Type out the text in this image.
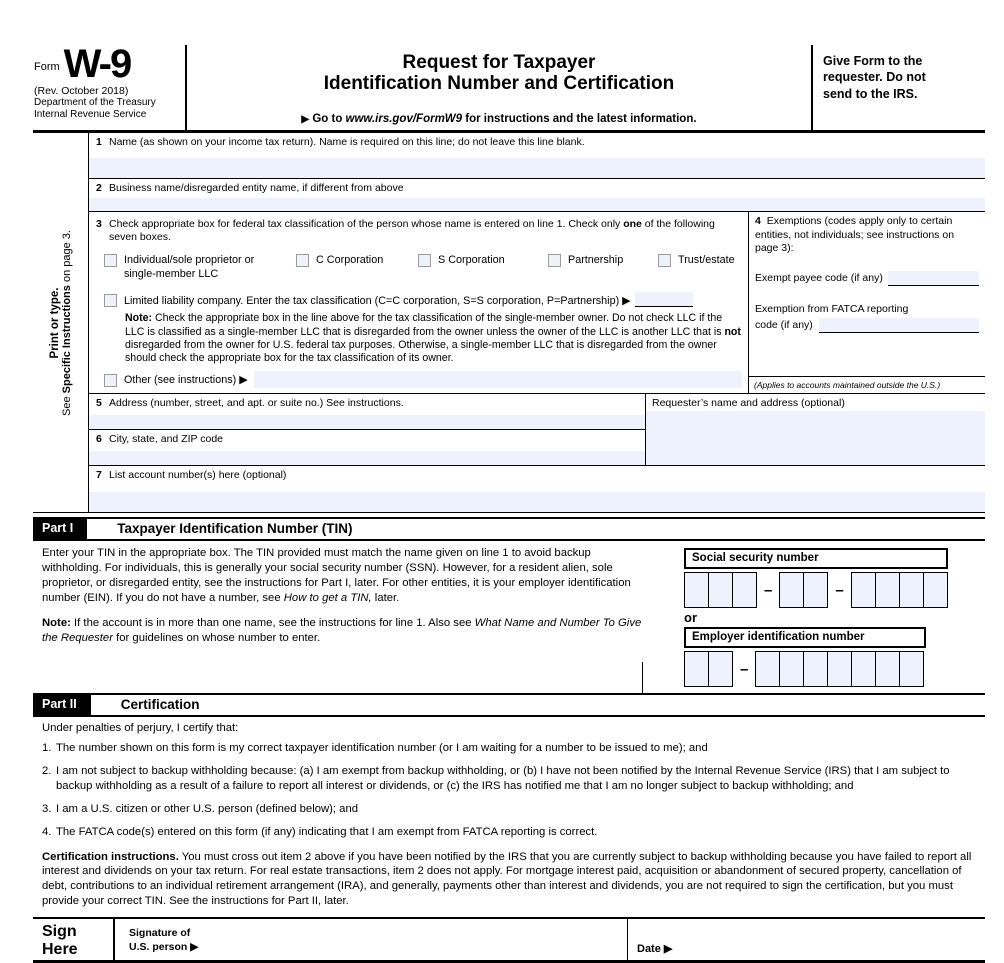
Form W-9
(Rev. October 2018)
Department of the Treasury
Internal Revenue Service
Request for Taxpayer
Identification Number and Certification
▶ Go to www.irs.gov/FormW9 for instructions and the latest information.
Give Form to the requester. Do not send to the IRS.
Print or type.
See Specific Instructions on page 3.
1 Name (as shown on your income tax return). Name is required on this line; do not leave this line blank.
2 Business name/disregarded entity name, if different from above
3 Check appropriate box for federal tax classification of the person whose name is entered on line 1. Check only one of the following seven boxes.
Individual/sole proprietor or single-member LLC
C Corporation	S Corporation	Partnership	Trust/estate
Limited liability company. Enter the tax classification (C=C corporation, S=S corporation, P=Partnership) ▶
Note: Check the appropriate box in the line above for the tax classification of the single-member owner. Do not check LLC if the LLC is classified as a single-member LLC that is disregarded from the owner unless the owner of the LLC is another LLC that is not disregarded from the owner for U.S. federal tax purposes. Otherwise, a single-member LLC that is disregarded from the owner should check the appropriate box for the tax classification of its owner.
Other (see instructions) ▶
4 Exemptions (codes apply only to certain entities, not individuals; see instructions on page 3):
Exempt payee code (if any)
Exemption from FATCA reporting
code (if any)
(Applies to accounts maintained outside the U.S.)
5 Address (number, street, and apt. or suite no.) See instructions.
6 City, state, and ZIP code
Requester’s name and address (optional)
7 List account number(s) here (optional)
Part I	Taxpayer Identification Number (TIN)

Enter your TIN in the appropriate box. The TIN provided must match the name given on line 1 to avoid backup withholding. For individuals, this is generally your social security number (SSN). However, for a resident alien, sole proprietor, or disregarded entity, see the instructions for Part I, later. For other entities, it is your employer identification number (EIN). If you do not have a number, see How to get a TIN, later.

Note: If the account is in more than one name, see the instructions for line 1. Also see What Name and Number To Give the Requester for guidelines on whose number to enter.

Social security number
–	–
or
Employer identification number
–
Part II	Certification
Under penalties of perjury, I certify that:
1. The number shown on this form is my correct taxpayer identification number (or I am waiting for a number to be issued to me); and
2. I am not subject to backup withholding because: (a) I am exempt from backup withholding, or (b) I have not been notified by the Internal Revenue Service (IRS) that I am subject to backup withholding as a result of a failure to report all interest or dividends, or (c) the IRS has notified me that I am no longer subject to backup withholding; and
3. I am a U.S. citizen or other U.S. person (defined below); and
4. The FATCA code(s) entered on this form (if any) indicating that I am exempt from FATCA reporting is correct.
Certification instructions. You must cross out item 2 above if you have been notified by the IRS that you are currently subject to backup withholding because you have failed to report all interest and dividends on your tax return. For real estate transactions, item 2 does not apply. For mortgage interest paid, acquisition or abandonment of secured property, cancellation of debt, contributions to an individual retirement arrangement (IRA), and generally, payments other than interest and dividends, you are not required to sign the certification, but you must provide your correct TIN. See the instructions for Part II, later.
Sign
Here
Signature of
U.S. person ▶	Date ▶
